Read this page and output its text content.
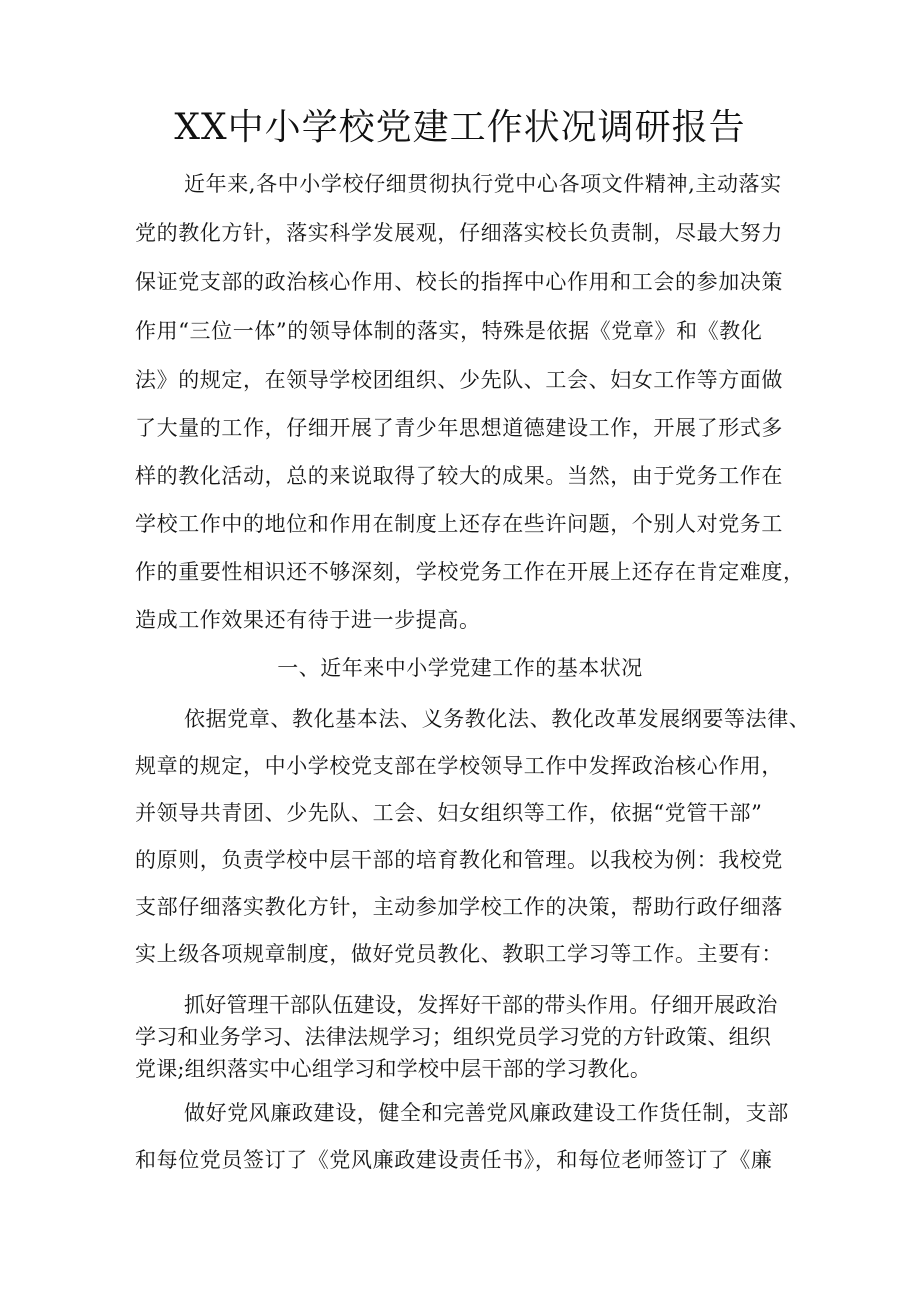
XX中小学校党建工作状况调研报告
近年来,各中小学校仔细贯彻执行党中心各项文件精神,主动落实
党的教化方针，落实科学发展观，仔细落实校长负责制，尽最大努力
保证党支部的政治核心作用、校长的指挥中心作用和工会的参加决策
作用“三位一体”的领导体制的落实，特殊是依据《党章》和《教化
法》的规定，在领导学校团组织、少先队、工会、妇女工作等方面做
了大量的工作，仔细开展了青少年思想道德建设工作，开展了形式多
样的教化活动，总的来说取得了较大的成果。当然，由于党务工作在
学校工作中的地位和作用在制度上还存在些许问题，个别人对党务工
作的重要性相识还不够深刻，学校党务工作在开展上还存在肯定难度，
造成工作效果还有待于进一步提高。
一、近年来中小学党建工作的基本状况
依据党章、教化基本法、义务教化法、教化改革发展纲要等法律、
规章的规定，中小学校党支部在学校领导工作中发挥政治核心作用，
并领导共青团、少先队、工会、妇女组织等工作，依据“党管干部”
的原则，负责学校中层干部的培育教化和管理。以我校为例：我校党
支部仔细落实教化方针，主动参加学校工作的决策，帮助行政仔细落
实上级各项规章制度，做好党员教化、教职工学习等工作。主要有：
抓好管理干部队伍建设，发挥好干部的带头作用。仔细开展政治
学习和业务学习、法律法规学习；组织党员学习党的方针政策、组织
党课;组织落实中心组学习和学校中层干部的学习教化。
做好党风廉政建设，健全和完善党风廉政建设工作货任制，支部
和每位党员签订了《党风廉政建设责任书》，和每位老师签订了《廉
